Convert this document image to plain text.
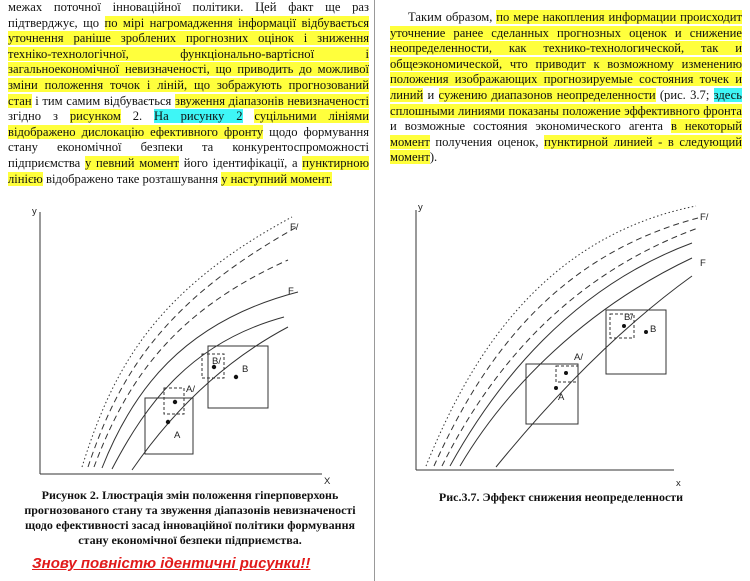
межах поточної інноваційної політики. Цей факт ще раз підтверджує, що по мірі нагромадження інформації відбувається уточнення раніше зроблених прогнозних оцінок і зниження техніко-технологічної, функціонально-вартісної і загальноекономічної невизначеності, що приводить до можливої зміни положення точок і ліній, що зображують прогнозований стан і тим самим відбувається звуження діапазонів невизначеності згідно з рисунком 2. На рисунку 2 суцільними лініями відображено дислокацію ефективного фронту щодо формування стану економічної безпеки та конкурентоспроможності підприємства у певний момент його ідентифікації, а пунктирною лінією відображено таке розташування у наступний момент.

Таким образом, по мере накопления информации происходит уточнение ранее сделанных прогнозных оценок и снижение неопределенности, как технико-технологической, так и общеэкономической, что приводит к возможному изменению положения изображающих прогнозируемые состояния точек и линий и сужению диапазонов неопределенности (рис. 3.7; здесь сплошными линиями показаны положение эффективного фронта и возможные состояния экономического агента в некоторый момент получения оценок, пунктирной линией - в следующий момент).

y
X
F/
F
A
A/
B
B/
Рисунок 2. Ілюстрація змін положення гіперповерхонь прогнозованого стану та звуження діапазонів невизначеності щодо ефективності засад інноваційної політики формування стану економічної безпеки підприємства.
Знову повністю ідентичні рисунки!!
y
x
F/
F
A
A/
B
B/
Рис.3.7. Эффект снижения неопределенности
